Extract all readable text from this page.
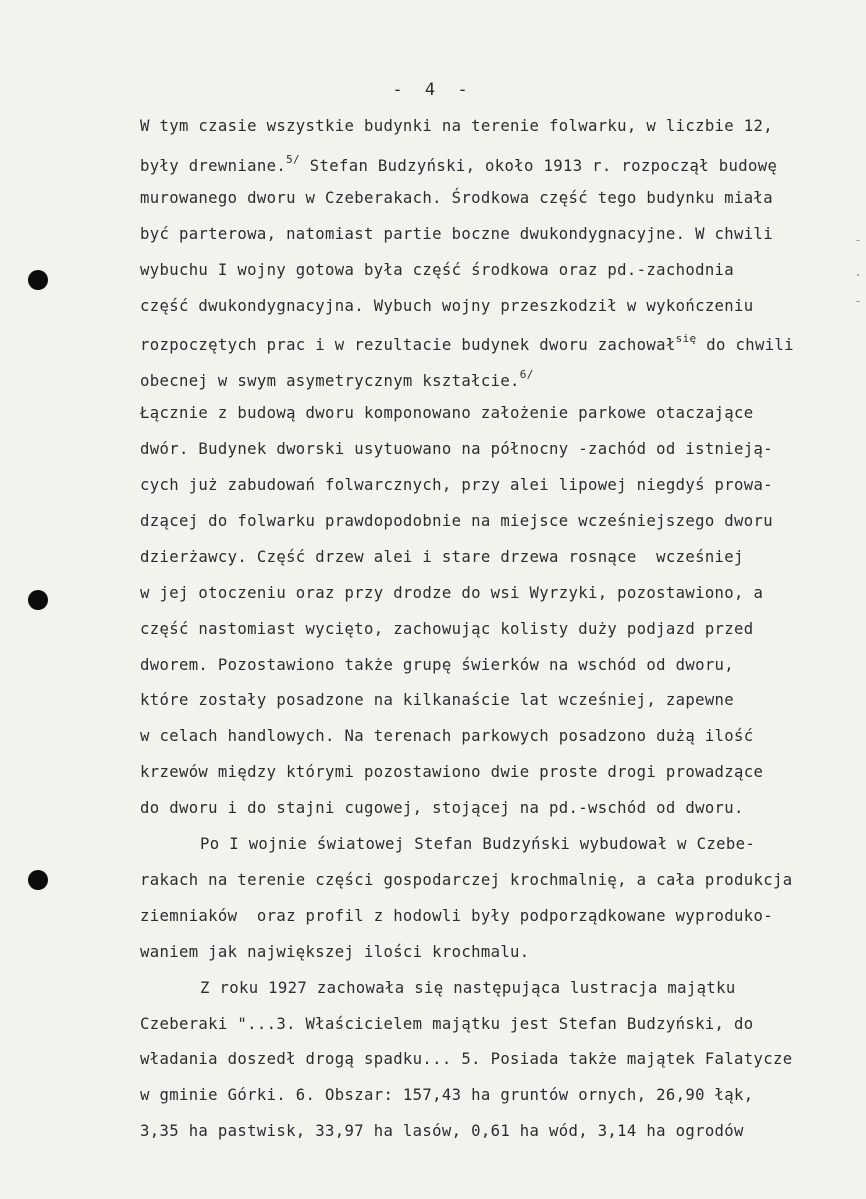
- 4 -
W tym czasie wszystkie budynki na terenie folwarku, w liczbie 12,
były drewniane.$^{5/}$ Stefan Budzyński, około 1913 r. rozpoczął budowę
murowanego dworu w Czeberakach. Środkowa część tego budynku miała
być parterowa, natomiast partie boczne dwukondygnacyjne. W chwili
wybuchu I wojny gotowa była część środkowa oraz pd.-zachodnia
część dwukondygnacyjna. Wybuch wojny przeszkodził w wykończeniu
rozpoczętych prac i w rezultacie budynek dworu zachował$^{się}$ do chwili
obecnej w swym asymetrycznym kształcie.$^{6/}$
Łącznie z budową dworu komponowano założenie parkowe otaczające
dwór. Budynek dworski usytuowano na północny -zachód od istnieją-
cych już zabudowań folwarcznych, przy alei lipowej niegdyś prowa-
dzącej do folwarku prawdopodobnie na miejsce wcześniejszego dworu
dzierżawcy. Część drzew alei i stare drzewa rosnące  wcześniej
w jej otoczeniu oraz przy drodze do wsi Wyrzyki, pozostawiono, a
część nastomiast wycięto, zachowując kolisty duży podjazd przed
dworem. Pozostawiono także grupę świerków na wschód od dworu,
które zostały posadzone na kilkanaście lat wcześniej, zapewne
w celach handlowych. Na terenach parkowych posadzono dużą ilość
krzewów między którymi pozostawiono dwie proste drogi prowadzące
do dworu i do stajni cugowej, stojącej na pd.-wschód od dworu.
Po I wojnie światowej Stefan Budzyński wybudował w Czebe-
rakach na terenie części gospodarczej krochmalnię, a cała produkcja
ziemniaków  oraz profil z hodowli były podporządkowane wyproduko-
waniem jak największej ilości krochmalu.
Z roku 1927 zachowała się następująca lustracja majątku
Czeberaki "...3. Właścicielem majątku jest Stefan Budzyński, do
władania doszedł drogą spadku... 5. Posiada także majątek Falatycze
w gminie Górki. 6. Obszar: 157,43 ha gruntów ornych, 26,90 łąk,
3,35 ha pastwisk, 33,97 ha lasów, 0,61 ha wód, 3,14 ha ogrodów
-
.
-
